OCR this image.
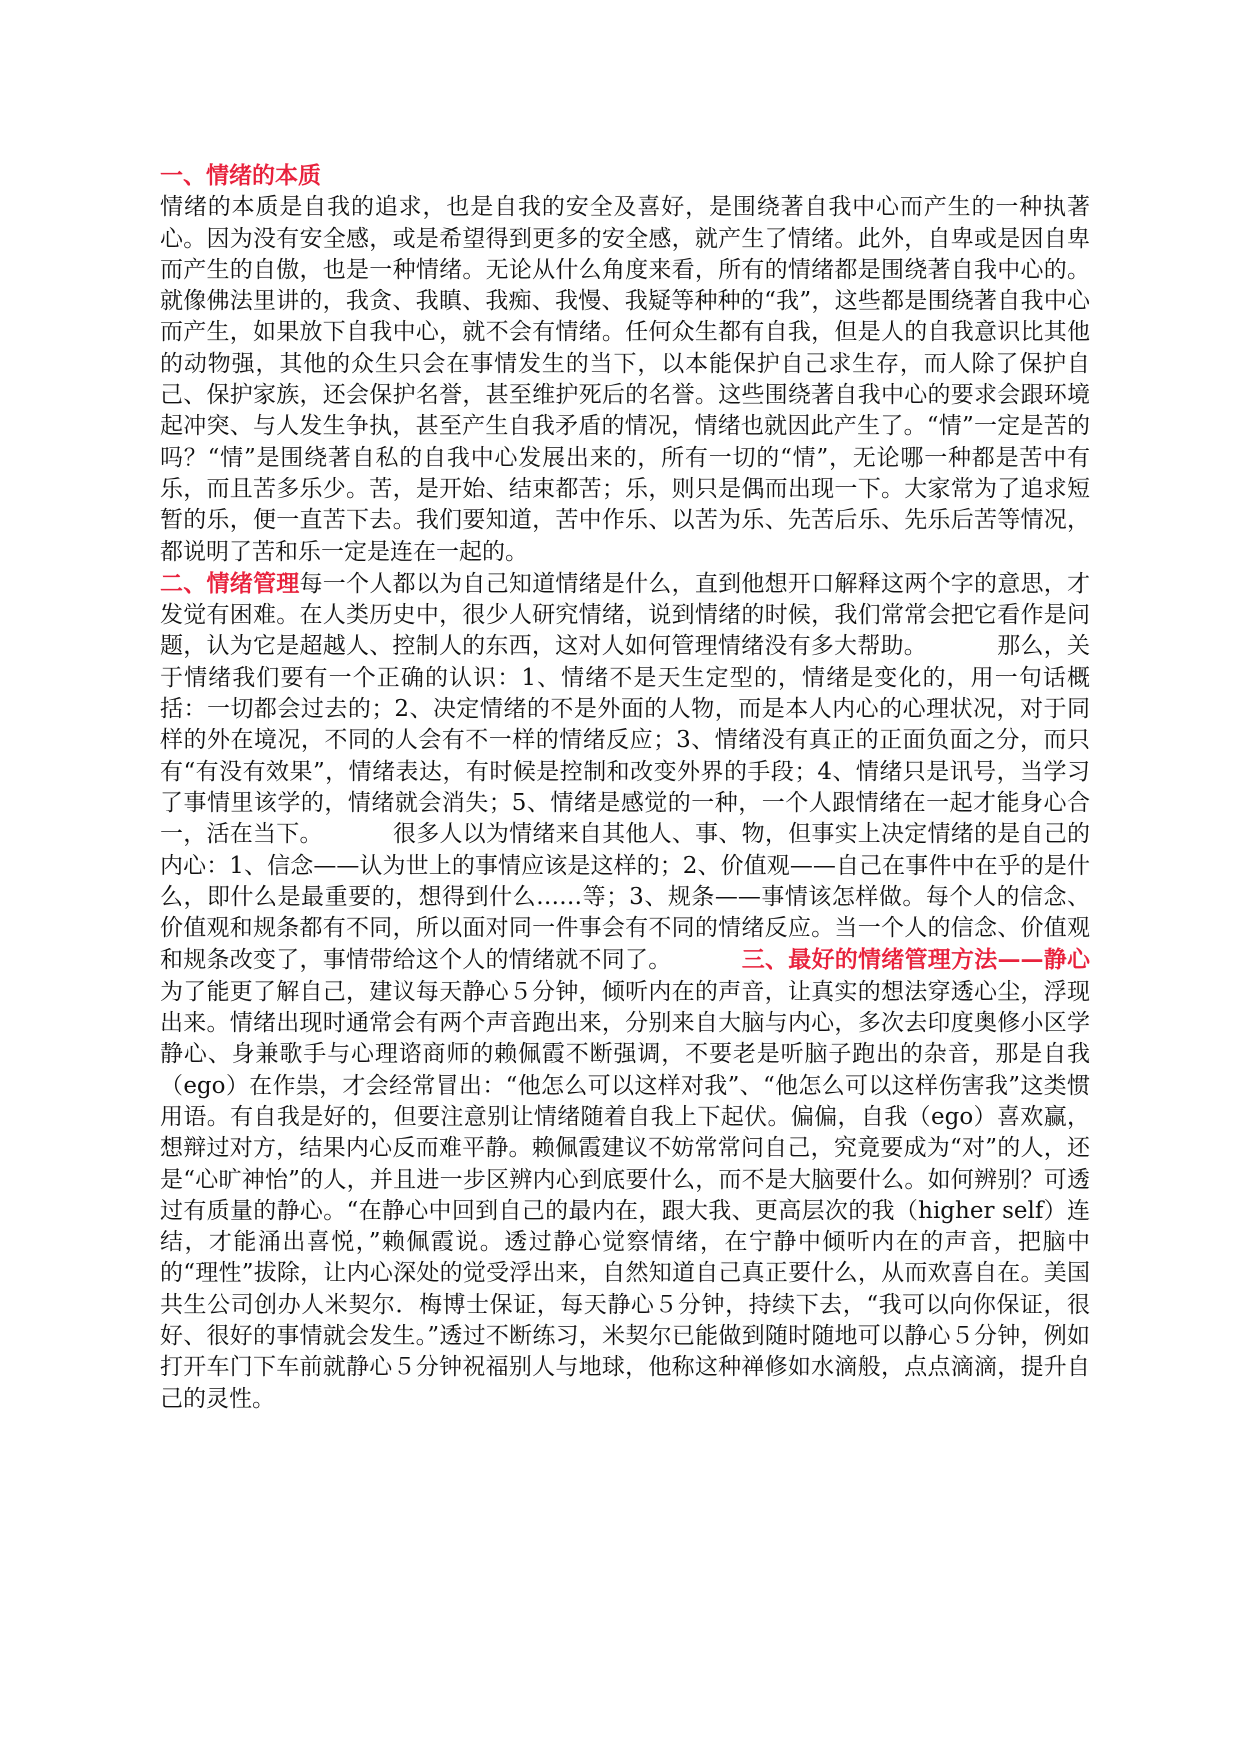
一、情绪的本质
情绪的本质是自我的追求，也是自我的安全及喜好，是围绕著自我中心而产生的一种执著心。因为没有安全感，或是希望得到更多的安全感，就产生了情绪。此外，自卑或是因自卑而产生的自傲，也是一种情绪。无论从什么角度来看，所有的情绪都是围绕著自我中心的。就像佛法里讲的，我贪、我瞋、我痴、我慢、我疑等种种的“我”，这些都是围绕著自我中心而产生，如果放下自我中心，就不会有情绪。任何众生都有自我，但是人的自我意识比其他的动物强，其他的众生只会在事情发生的当下，以本能保护自己求生存，而人除了保护自己、保护家族，还会保护名誉，甚至维护死后的名誉。这些围绕著自我中心的要求会跟环境起冲突、与人发生争执，甚至产生自我矛盾的情况，情绪也就因此产生了。“情”一定是苦的吗？“情”是围绕著自私的自我中心发展出来的，所有一切的“情”，无论哪一种都是苦中有乐，而且苦多乐少。苦，是开始、结束都苦；乐，则只是偶而出现一下。大家常为了追求短暂的乐，便一直苦下去。我们要知道，苦中作乐、以苦为乐、先苦后乐、先乐后苦等情况，都说明了苦和乐一定是连在一起的。

二、情绪管理每一个人都以为自己知道情绪是什么，直到他想开口解释这两个字的意思，才发觉有困难。在人类历史中，很少人研究情绪，说到情绪的时候，我们常常会把它看作是问题，认为它是超越人、控制人的东西，这对人如何管理情绪没有多大帮助。	那么，关于情绪我们要有一个正确的认识：1、情绪不是天生定型的，情绪是变化的，用一句话概括：一切都会过去的；2、决定情绪的不是外面的人物，而是本人内心的心理状况，对于同样的外在境况，不同的人会有不一样的情绪反应；3、情绪没有真正的正面负面之分，而只有“有没有效果”，情绪表达，有时候是控制和改变外界的手段；4、情绪只是讯号，当学习了事情里该学的，情绪就会消失；5、情绪是感觉的一种，一个人跟情绪在一起才能身心合一，活在当下。	很多人以为情绪来自其他人、事、物，但事实上决定情绪的是自己的内心：1、信念——认为世上的事情应该是这样的；2、价值观——自己在事件中在乎的是什么，即什么是最重要的，想得到什么……等；3、规条——事情该怎样做。每个人的信念、价值观和规条都有不同，所以面对同一件事会有不同的情绪反应。当一个人的信念、价值观和规条改变了，事情带给这个人的情绪就不同了。	三、最好的情绪管理方法——静心为了能更了解自己，建议每天静心５分钟，倾听内在的声音，让真实的想法穿透心尘，浮现出来。情绪出现时通常会有两个声音跑出来，分别来自大脑与内心，多次去印度奥修小区学静心、身兼歌手与心理谘商师的赖佩霞不断强调，不要老是听脑子跑出的杂音，那是自我（ego）在作祟，才会经常冒出：“他怎么可以这样对我”、“他怎么可以这样伤害我”这类惯用语。有自我是好的，但要注意别让情绪随着自我上下起伏。偏偏，自我（ego）喜欢赢，想辩过对方，结果内心反而难平静。赖佩霞建议不妨常常问自己，究竟要成为“对”的人，还是“心旷神怡”的人，并且进一步区辨内心到底要什么，而不是大脑要什么。如何辨别？可透过有质量的静心。“在静心中回到自己的最内在，跟大我、更高层次的我（higher self）连结，才能涌出喜悦，”赖佩霞说。透过静心觉察情绪，在宁静中倾听内在的声音，把脑中的“理性”拔除，让内心深处的觉受浮出来，自然知道自己真正要什么，从而欢喜自在。美国共生公司创办人米契尔．梅博士保证，每天静心５分钟，持续下去，“我可以向你保证，很好、很好的事情就会发生。”透过不断练习，米契尔已能做到随时随地可以静心５分钟，例如打开车门下车前就静心５分钟祝福别人与地球，他称这种禅修如水滴般，点点滴滴，提升自己的灵性。
